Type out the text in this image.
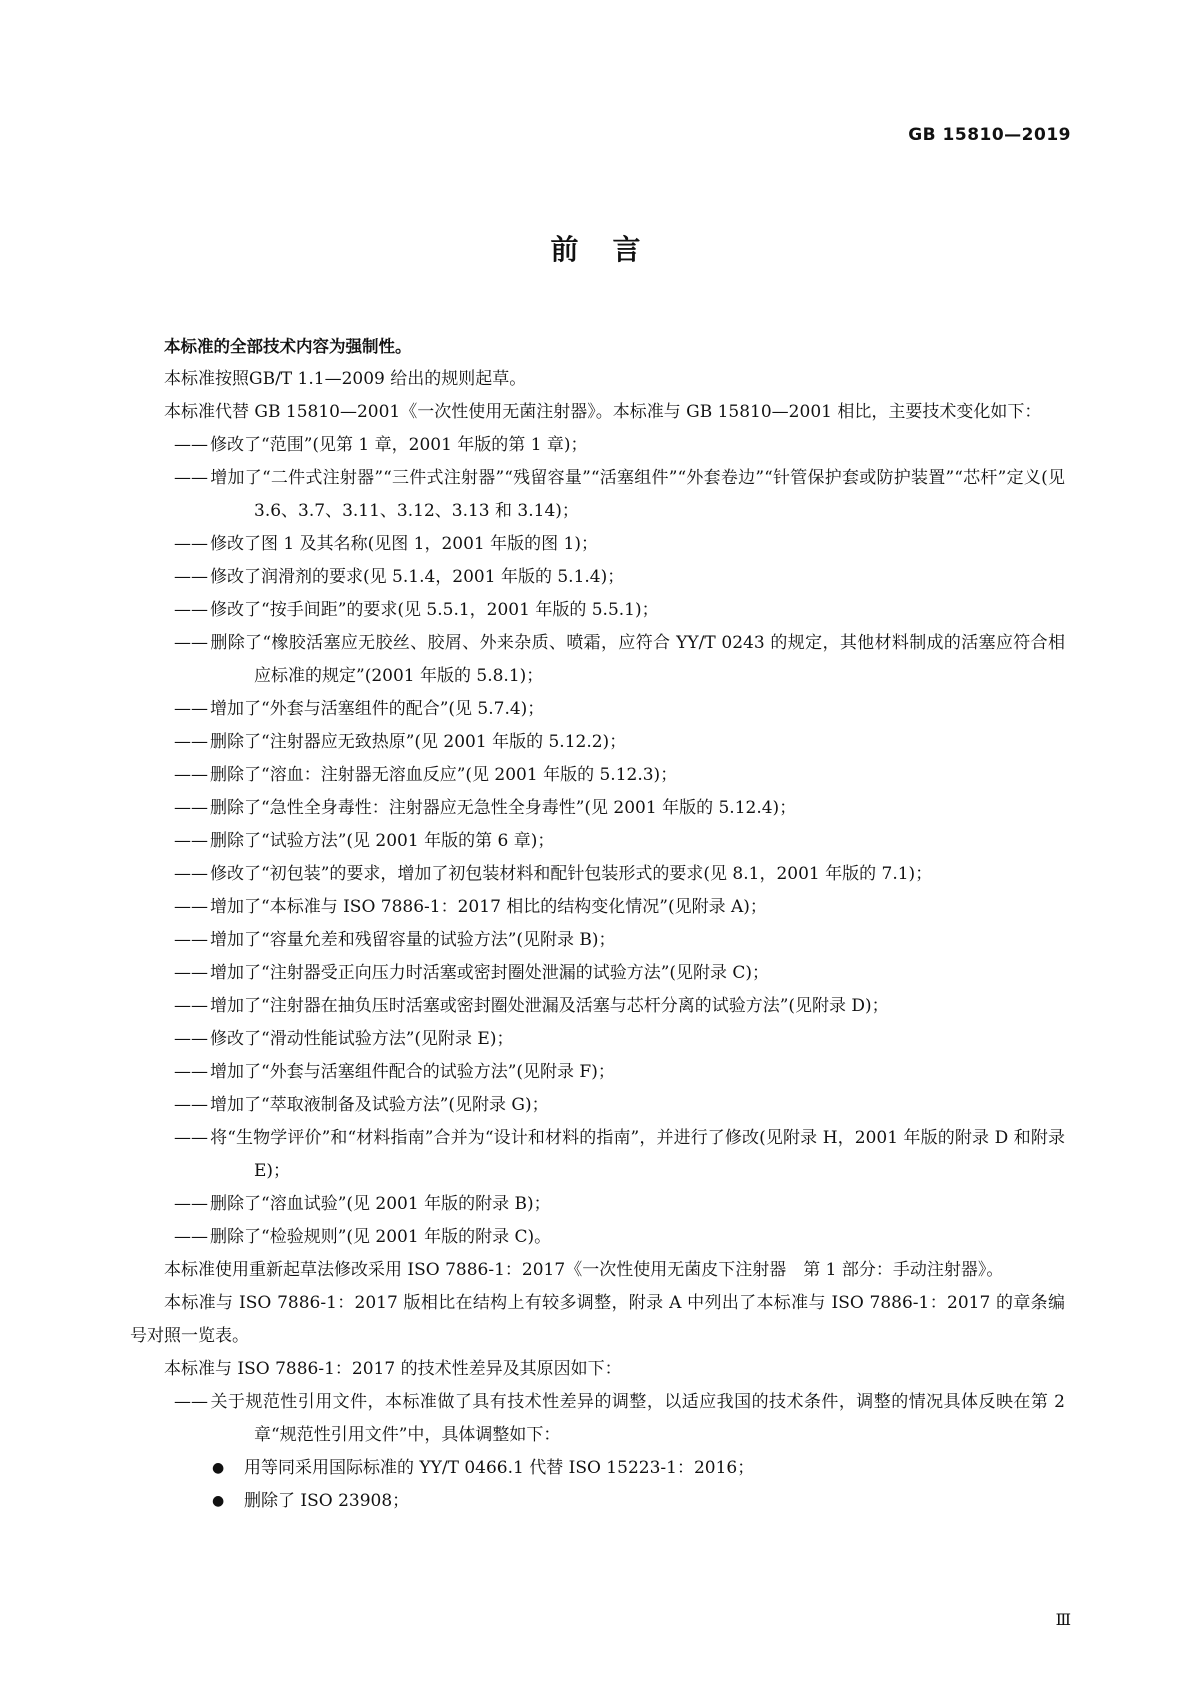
GB 15810—2019
前言

本标准的全部技术内容为强制性。

本标准按照GB/T 1.1—2009 给出的规则起草。

本标准代替 GB 15810—2001《一次性使用无菌注射器》。本标准与 GB 15810—2001 相比，主要技术变化如下：

—— 修改了“范围”(见第 1 章，2001 年版的第 1 章)；

—— 增加了“二件式注射器”“三件式注射器”“残留容量”“活塞组件”“外套卷边”“针管保护套或防护装置”“芯杆”定义(见 3.6、3.7、3.11、3.12、3.13 和 3.14)；

—— 修改了图 1 及其名称(见图 1，2001 年版的图 1)；

—— 修改了润滑剂的要求(见 5.1.4，2001 年版的 5.1.4)；

—— 修改了“按手间距”的要求(见 5.5.1，2001 年版的 5.5.1)；

—— 删除了“橡胶活塞应无胶丝、胶屑、外来杂质、喷霜，应符合 YY/T 0243 的规定，其他材料制成的活塞应符合相应标准的规定”(2001 年版的 5.8.1)；

—— 增加了“外套与活塞组件的配合”(见 5.7.4)；

—— 删除了“注射器应无致热原”(见 2001 年版的 5.12.2)；

—— 删除了“溶血：注射器无溶血反应”(见 2001 年版的 5.12.3)；

—— 删除了“急性全身毒性：注射器应无急性全身毒性”(见 2001 年版的 5.12.4)；

—— 删除了“试验方法”(见 2001 年版的第 6 章)；

—— 修改了“初包装”的要求，增加了初包装材料和配针包装形式的要求(见 8.1，2001 年版的 7.1)；

—— 增加了“本标准与 ISO 7886-1：2017 相比的结构变化情况”(见附录 A)；

—— 增加了“容量允差和残留容量的试验方法”(见附录 B)；

—— 增加了“注射器受正向压力时活塞或密封圈处泄漏的试验方法”(见附录 C)；

—— 增加了“注射器在抽负压时活塞或密封圈处泄漏及活塞与芯杆分离的试验方法”(见附录 D)；

—— 修改了“滑动性能试验方法”(见附录 E)；

—— 增加了“外套与活塞组件配合的试验方法”(见附录 F)；

—— 增加了“萃取液制备及试验方法”(见附录 G)；

—— 将“生物学评价”和“材料指南”合并为“设计和材料的指南”，并进行了修改(见附录 H，2001 年版的附录 D 和附录 E)；

—— 删除了“溶血试验”(见 2001 年版的附录 B)；

—— 删除了“检验规则”(见 2001 年版的附录 C)。

本标准使用重新起草法修改采用 ISO 7886-1：2017《一次性使用无菌皮下注射器　第 1 部分：手动注射器》。

本标准与 ISO 7886-1：2017 版相比在结构上有较多调整，附录 A 中列出了本标准与 ISO 7886-1：2017 的章条编号对照一览表。

本标准与 ISO 7886-1：2017 的技术性差异及其原因如下：

—— 关于规范性引用文件，本标准做了具有技术性差异的调整，以适应我国的技术条件，调整的情况具体反映在第 2 章“规范性引用文件”中，具体调整如下：

● 用等同采用国际标准的 YY/T 0466.1 代替 ISO 15223-1：2016；

● 删除了 ISO 23908；

Ⅲ
